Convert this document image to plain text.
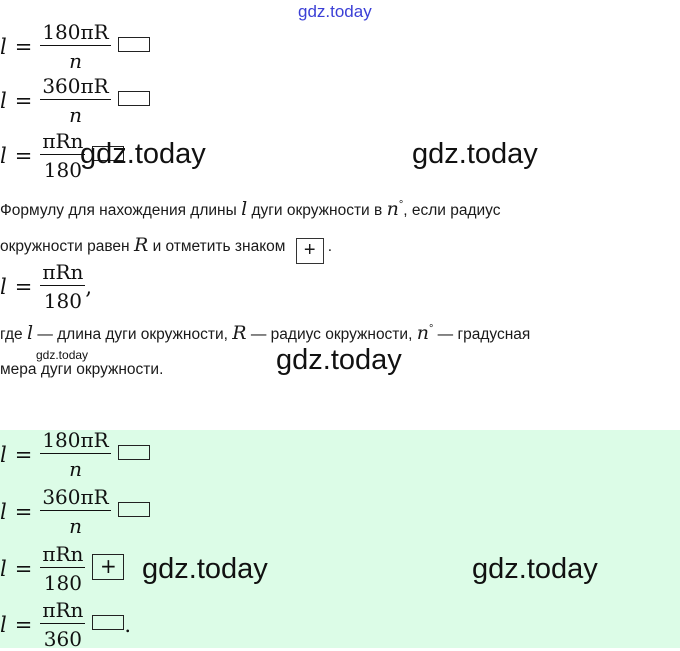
gdz.today
$l = \frac{180\pi R}{n}$
$l = \frac{360\pi R}{n}$
$l = \frac{\text{πRn}}{180}$
gdz.today	gdz.today
Формулу для нахождения длины l дуги окружности в n°, если радиус
окружности равен R и отметить знаком + .
$l = \frac{\text{πRn}}{180}$ ,
где l — длина дуги окружности, R — радиус окружности, n° — градусная
gdz.today
мера дуги окружности.	gdz.today
$l = \frac{180\pi R}{n}$
$l = \frac{360\pi R}{n}$
$l = \frac{\text{πRn}}{180}$ + gdz.today	gdz.today
$l = \frac{\text{πRn}}{360}$ .
